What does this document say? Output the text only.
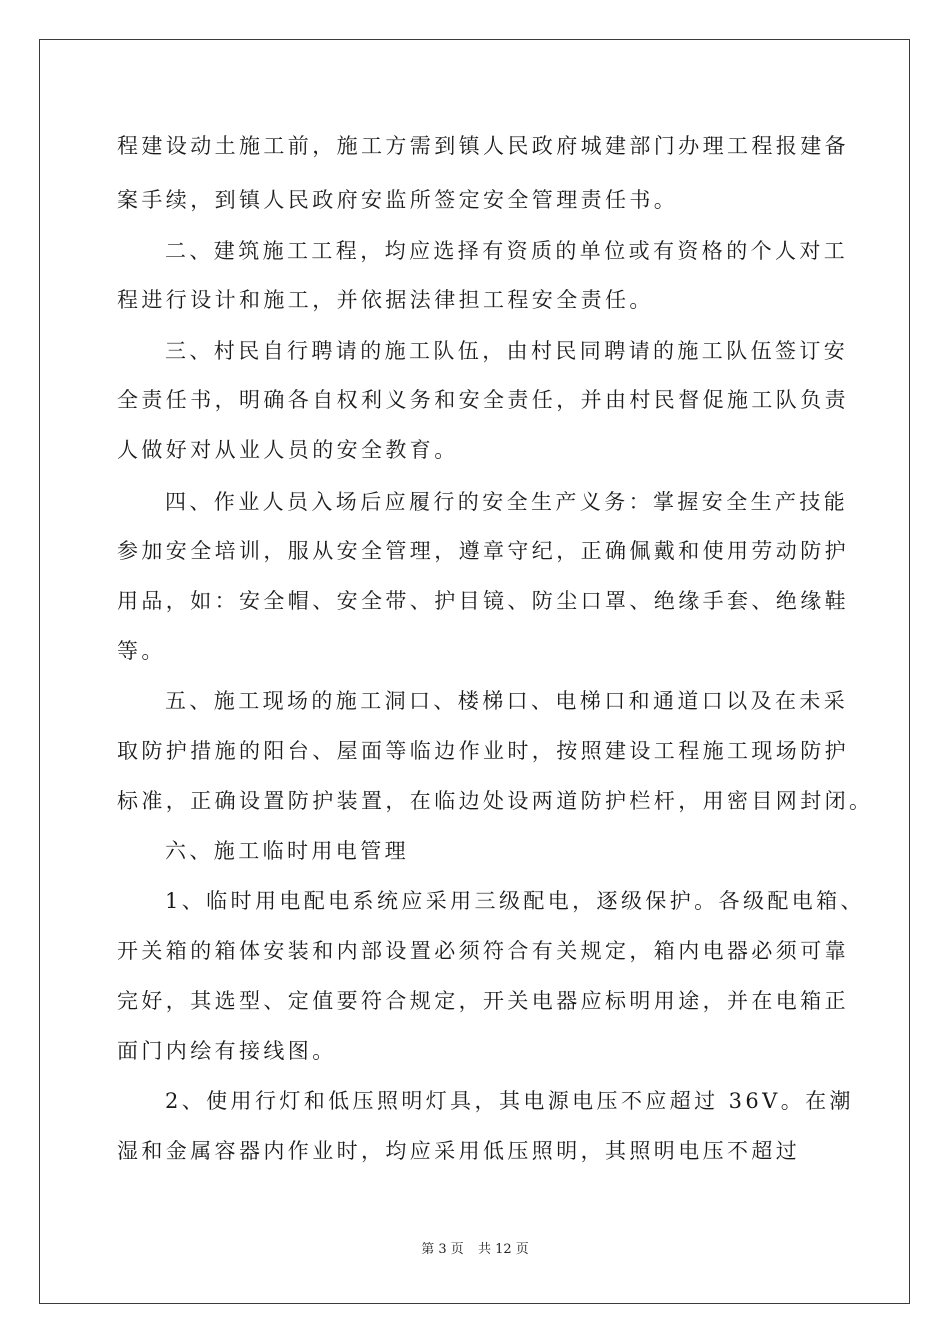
程建设动土施工前，施工方需到镇人民政府城建部门办理工程报建备
案手续，到镇人民政府安监所签定安全管理责任书。
二、建筑施工工程，均应选择有资质的单位或有资格的个人对工
程进行设计和施工，并依据法律担工程安全责任。
三、村民自行聘请的施工队伍，由村民同聘请的施工队伍签订安
全责任书，明确各自权利义务和安全责任，并由村民督促施工队负责
人做好对从业人员的安全教育。
四、作业人员入场后应履行的安全生产义务：掌握安全生产技能
参加安全培训，服从安全管理，遵章守纪，正确佩戴和使用劳动防护
用品，如：安全帽、安全带、护目镜、防尘口罩、绝缘手套、绝缘鞋
等。
五、施工现场的施工洞口、楼梯口、电梯口和通道口以及在未采
取防护措施的阳台、屋面等临边作业时，按照建设工程施工现场防护
标准，正确设置防护装置，在临边处设两道防护栏杆，用密目网封闭。
六、施工临时用电管理
1、临时用电配电系统应采用三级配电，逐级保护。各级配电箱、
开关箱的箱体安装和内部设置必须符合有关规定，箱内电器必须可靠
完好，其选型、定值要符合规定，开关电器应标明用途，并在电箱正
面门内绘有接线图。
2、使用行灯和低压照明灯具，其电源电压不应超过 36V。在潮
湿和金属容器内作业时，均应采用低压照明，其照明电压不超过
第 3 页 共 12 页
